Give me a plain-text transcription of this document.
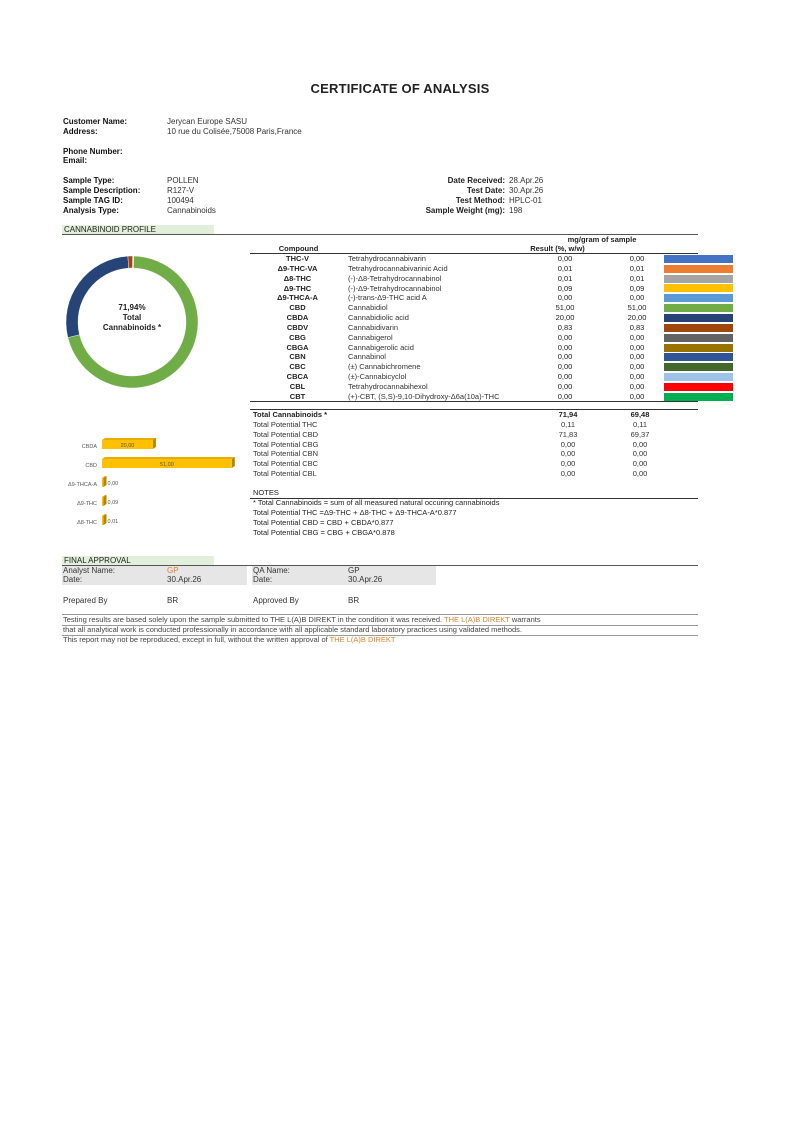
CERTIFICATE OF ANALYSIS
Customer Name:	Jerycan Europe SASU
Address:	10 rue du Colisée,75008 Paris,France
Phone Number:
Email:
Sample Type:	POLLEN
Sample Description:	R127-V
Sample TAG ID:	100494
Analysis Type:	Cannabinoids
Date Received: 28.Apr.26
Test Date: 30.Apr.26
Test Method: HPLC-01
Sample Weight (mg): 198
CANNABINOID PROFILE
71,94%
Total
Cannabinoids *
CBDA	20,00
CBD	51,00
Δ9-THCA-A 0,00
Δ9-THC 0,09
Δ8-THC 0,01
Compound	Result (%, w/w)
mg/gram of sample
THC-V	Tetrahydrocannabivarin	0,00	0,00	

Δ9-THC-VA	Tetrahydrocannabivarinic Acid	0,01	0,01	

Δ8-THC	(-)-Δ8-Tetrahydrocannabinol	0,01	0,01	

Δ9-THC	(-)-Δ9-Tetrahydrocannabinol	0,09	0,09	

Δ9-THCA-A	(-)-trans-Δ9-THC acid A	0,00	0,00	

CBD	Cannabidiol	51,00	51,00	

CBDA	Cannabidiolic acid	20,00	20,00	

CBDV	Cannabidivarin	0,83	0,83	

CBG	Cannabigerol	0,00	0,00	

CBGA	Cannabigerolic acid	0,00	0,00	

CBN	Cannabinol	0,00	0,00	

CBC	(±) Cannabichromene	0,00	0,00	

CBCA	(±)-Cannabicyclol	0,00	0,00	

CBL	Tetrahydrocannabihexol	0,00	0,00	

CBT	(+)-CBT, (S,S)-9,10-Dihydroxy-Δ6a(10a)-THC	0,00	0,00	
Total Cannabinoids *	71,94	69,48	
Total Potential THC	0,11	0,11	
Total Potential CBD	71,83	69,37	
Total Potential CBG	0,00	0,00	
Total Potential CBN	0,00	0,00	
Total Potential CBC	0,00	0,00	
Total Potential CBL	0,00	0,00	
NOTES
* Total Cannabinoids = sum of all measured natural occuring cannabinoids
Total Potential THC =Δ9-THC + Δ8-THC + Δ9-THCA-A*0.877
Total Potential CBD = CBD + CBDA*0.877
Total Potential CBG = CBG + CBGA*0.878
FINAL APPROVAL
Analyst Name:	GP
Date:	30.Apr.26
QA Name:	GP
Date:	30.Apr.26
Prepared By	BR	Approved By	BR
Testing results are based solely upon the sample submitted to THE L(A)B DIREKT in the condition it was received. THE L(A)B DIREKT warrants
that all analytical work is conducted professionally in accordance with all applicable standard laboratory practices using validated methods.
This report may not be reproduced, except in full, without the written approval of THE L(A)B DIREKT
